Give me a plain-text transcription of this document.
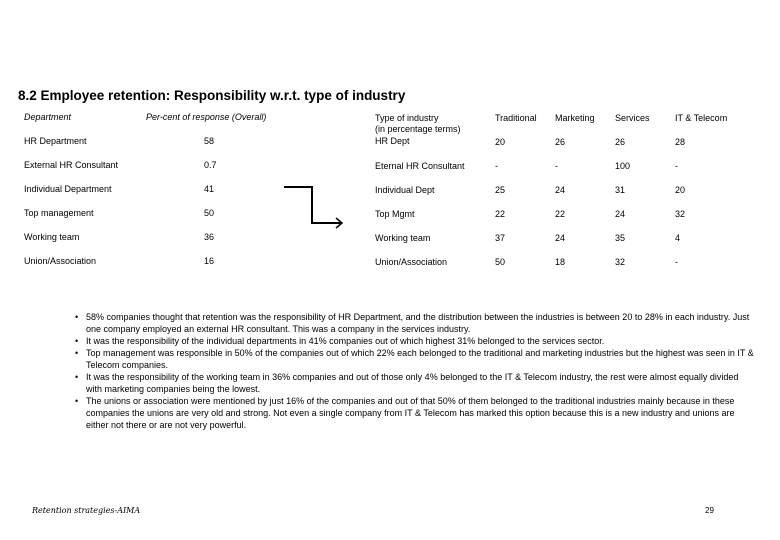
8.2 Employee retention: Responsibility w.r.t. type of industry
Department	Per-cent of response (Overall)
HR Department	58
External HR Consultant	0.7
Individual Department	41
Top management	50
Working team	36
Union/Association	16
Type of industry
(in percentage terms)
Traditional Marketing Services	IT & Telecom
HR Dept	20	26	26	28
Eternal HR Consultant	-	-	100	-
Individual Dept	25	24	31	20
Top Mgmt	22	22	24	32
Working team	37	24	35	4
Union/Association	50	18	32	-
• 58% companies thought that retention was the responsibility of HR Department, and the distribution between the industries is between 20 to 28% in each industry. Just one company employed an external HR consultant. This was a company in the services industry.
• It was the responsibility of the individual departments in 41% companies out of which highest 31% belonged to the services sector.
• Top management was responsible in 50% of the companies out of which 22% each belonged to the traditional and marketing industries but the highest was seen in IT & Telecom companies.
• It was the responsibility of the working team in 36% companies and out of those only 4% belonged to the IT & Telecom industry, the rest were almost equally divided with marketing companies being the lowest.
• The unions or association were mentioned by just 16% of the companies and out of that 50% of them belonged to the traditional industries mainly because in these companies the unions are very old and strong. Not even a single company from IT & Telecom has marked this option because this is a new industry and unions are either not there or are not very powerful.
Retention strategies-AIMA	29
